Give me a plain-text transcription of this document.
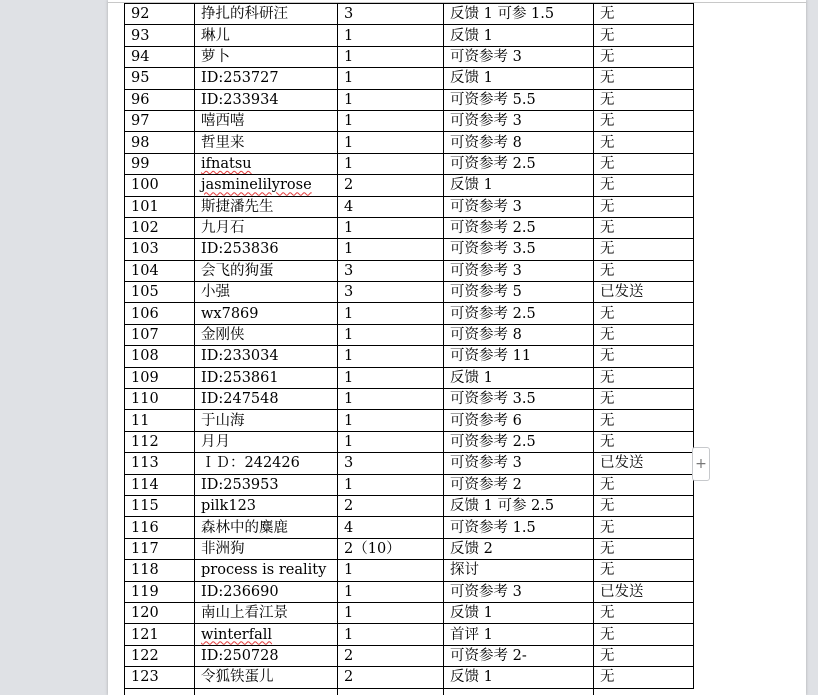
92	挣扎的科研汪	3	反馈 1 可参 1.5	无
93	琳儿	1	反馈 1	无
94	萝卜	1	可资参考 3	无
95	ID:253727	1	反馈 1	无
96	ID:233934	1	可资参考 5.5	无
97	嘻西嘻	1	可资参考 3	无
98	哲里来	1	可资参考 8	无
99	ifnatsu	1	可资参考 2.5	无
100	jasminelilyrose	2	反馈 1	无
101	斯捷潘先生	4	可资参考 3	无
102	九月石	1	可资参考 2.5	无
103	ID:253836	1	可资参考 3.5	无
104	会飞的狗蛋	3	可资参考 3	无
105	小强	3	可资参考 5	已发送
106	wx7869	1	可资参考 2.5	无
107	金刚侠	1	可资参考 8	无
108	ID:233034	1	可资参考 11	无
109	ID:253861	1	反馈 1	无
110	ID:247548	1	可资参考 3.5	无
11	于山海	1	可资参考 6	无
112	月月	1	可资参考 2.5	无
113	ＩＤ：242426	3	可资参考 3	已发送
114	ID:253953	1	可资参考 2	无
115	pilk123	2	反馈 1 可参 2.5	无
116	森林中的麋鹿	4	可资参考 1.5	无
117	非洲狗	2（10）	反馈 2	无
118	process is reality	1	探讨	无
119	ID:236690	1	可资参考 3	已发送
120	南山上看江景	1	反馈 1	无
121	winterfall	1	首评 1	无
122	ID:250728	2	可资参考 2-	无
123	令狐铁蛋儿	2	反馈 1	无

+
